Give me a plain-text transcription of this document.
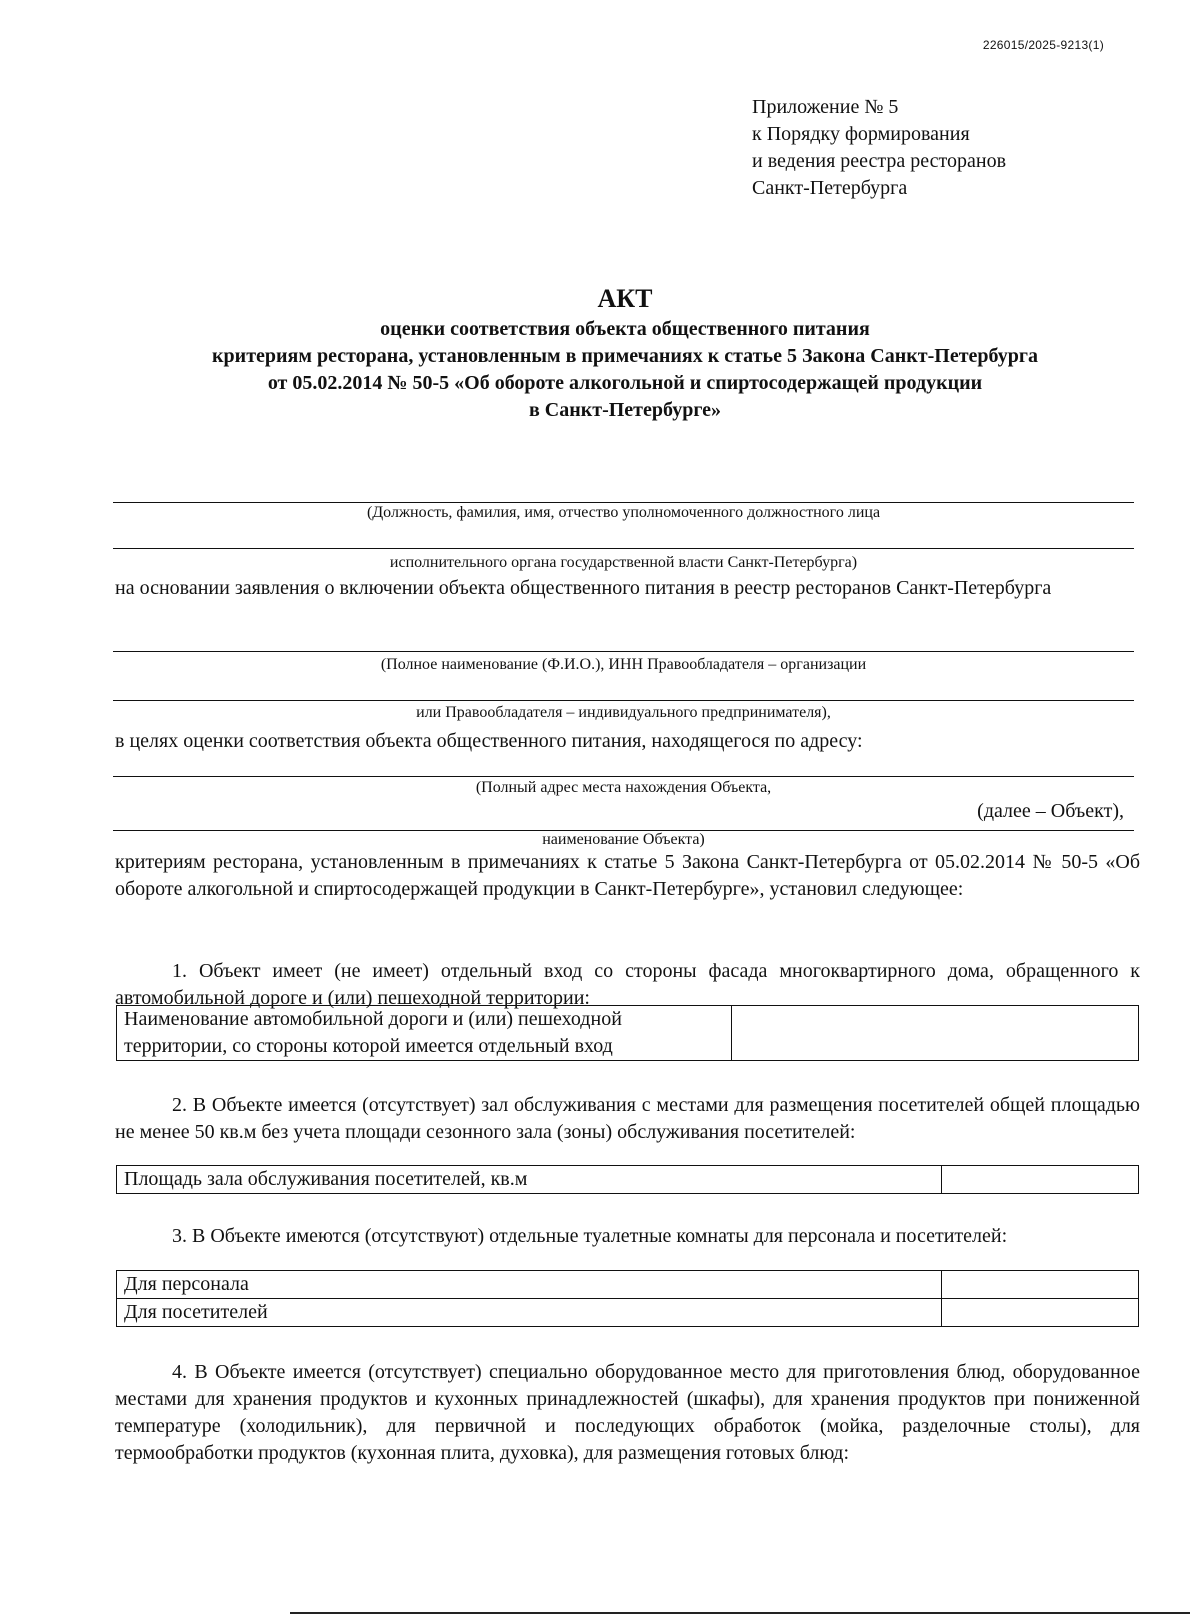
226015/2025-9213(1)
Приложение № 5
к Порядку формирования
и ведения реестра ресторанов
Санкт-Петербурга
АКТ
оценки соответствия объекта общественного питания
критериям ресторана, установленным в примечаниях к статье 5 Закона Санкт-Петербурга
от 05.02.2014 № 50-5 «Об обороте алкогольной и спиртосодержащей продукции
в Санкт-Петербурге»
(Должность, фамилия, имя, отчество уполномоченного должностного лица
исполнительного органа государственной власти Санкт-Петербурга)
на основании заявления о включении объекта общественного питания в реестр ресторанов Санкт-Петербурга
(Полное наименование (Ф.И.О.), ИНН Правообладателя – организации
или Правообладателя – индивидуального предпринимателя),
в целях оценки соответствия объекта общественного питания, находящегося по адресу:
(Полный адрес места нахождения Объекта,
(далее – Объект),
наименование Объекта)
критериям ресторана, установленным в примечаниях к статье 5 Закона Санкт-Петербурга от 05.02.2014 № 50-5 «Об обороте алкогольной и спиртосодержащей продукции в Санкт-Петербурге», установил следующее:
1. Объект имеет (не имеет) отдельный вход со стороны фасада многоквартирного дома, обращенного к автомобильной дороге и (или) пешеходной территории:
Наименование автомобильной дороги и (или) пешеходной
территории, со стороны которой имеется отдельный вход

2. В Объекте имеется (отсутствует) зал обслуживания с местами для размещения посетителей общей площадью не менее 50 кв.м без учета площади сезонного зала (зоны) обслуживания посетителей:
Площадь зала обслуживания посетителей, кв.м	
3. В Объекте имеются (отсутствуют) отдельные туалетные комнаты для персонала и посетителей:
Для персонала	
Для посетителей	
4. В Объекте имеется (отсутствует) специально оборудованное место для приготовления блюд, оборудованное местами для хранения продуктов и кухонных принадлежностей (шкафы), для хранения продуктов при пониженной температуре (холодильник), для первичной и последующих обработок (мойка, разделочные столы), для термообработки продуктов (кухонная плита, духовка), для размещения готовых блюд:
